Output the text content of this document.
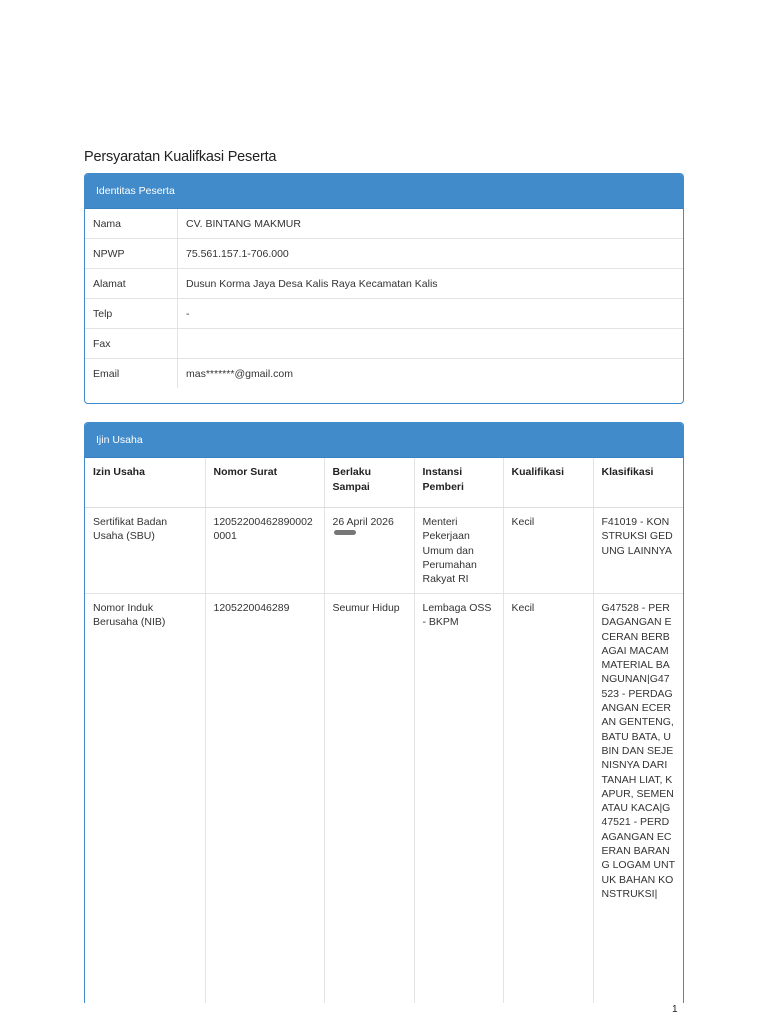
Persyaratan Kualifkasi Peserta
Identitas Peserta
Nama	CV. BINTANG MAKMUR
NPWP	75.561.157.1-706.000
Alamat	Dusun Korma Jaya Desa Kalis Raya Kecamatan Kalis
Telp	-
Fax	
Email	mas*******@gmail.com
Ijin Usaha
Izin Usaha	Nomor Surat	Berlaku Sampai	Instansi Pemberi	Kualifikasi	Klasifikasi
Sertifikat Badan Usaha (SBU)	12052200462890002 0001	26 April 2026	Menteri Pekerjaan Umum dan Perumahan Rakyat RI	Kecil	F41019 - KONSTRUKSI GEDUNG LAINNYA
Nomor Induk Berusaha (NIB)	1205220046289	Seumur Hidup	Lembaga OSS - BKPM	Kecil	G47528 - PERDAGANGAN ECERAN BERBAGAI MACAM MATERIAL BANGUNAN|G47523 - PERDAGANGAN ECERAN GENTENG, BATU BATA, UBIN DAN SEJENISNYA DARI TANAH LIAT, KAPUR, SEMEN ATAU KACA|G47521 - PERDAGANGAN ECERAN BARANG LOGAM UNTUK BAHAN KONSTRUKSI|
1
